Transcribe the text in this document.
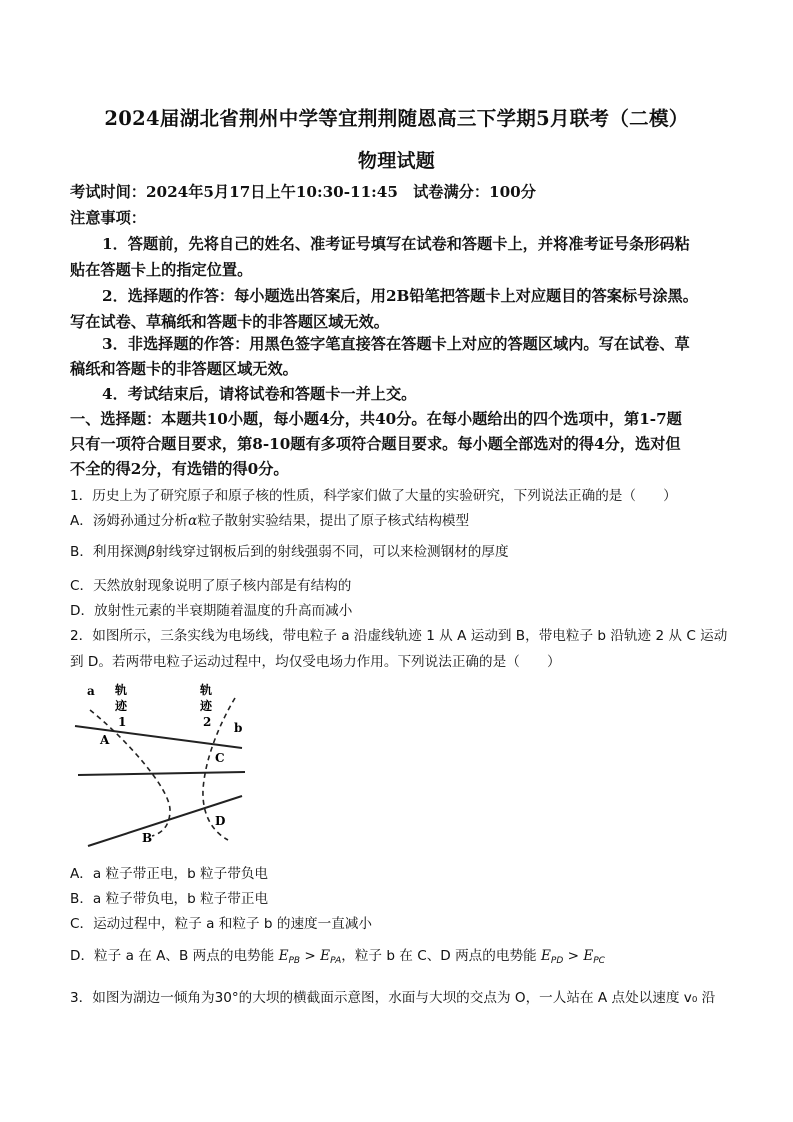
2024届湖北省荆州中学等宜荆荆随恩高三下学期5月联考（二模）
物理试题
考试时间：2024年5月17日上午10:30-11:45　试卷满分：100分
注意事项：
1．答题前，先将自己的姓名、准考证号填写在试卷和答题卡上，并将准考证号条形码粘
贴在答题卡上的指定位置。
2．选择题的作答：每小题选出答案后，用2B铅笔把答题卡上对应题目的答案标号涂黑。
写在试卷、草稿纸和答题卡的非答题区域无效。
3．非选择题的作答：用黑色签字笔直接答在答题卡上对应的答题区域内。写在试卷、草
稿纸和答题卡的非答题区域无效。
4．考试结束后，请将试卷和答题卡一并上交。
一、选择题：本题共10小题，每小题4分，共40分。在每小题给出的四个选项中，第1-7题
只有一项符合题目要求，第8-10题有多项符合题目要求。每小题全部选对的得4分，选对但
不全的得2分，有选错的得0分。
1．历史上为了研究原子和原子核的性质，科学家们做了大量的实验研究，下列说法正确的是（　　）
A．汤姆孙通过分析α粒子散射实验结果，提出了原子核式结构模型
B．利用探测β射线穿过钢板后到的射线强弱不同，可以来检测钢材的厚度
C．天然放射现象说明了原子核内部是有结构的
D．放射性元素的半衰期随着温度的升高而减小
2．如图所示，三条实线为电场线，带电粒子 a 沿虚线轨迹 1 从 A 运动到 B，带电粒子 b 沿轨迹 2 从 C 运动
到 D。若两带电粒子运动过程中，均仅受电场力作用。下列说法正确的是（　　）
a 轨
迹
1
轨
迹
2 b
A
C
B
D
A．a 粒子带正电，b 粒子带负电
B．a 粒子带负电，b 粒子带正电
C．运动过程中，粒子 a 和粒子 b 的速度一直减小
D．粒子 a 在 A、B 两点的电势能 $E_{PB} > E_{PA}$，粒子 b 在 C、D 两点的电势能 $E_{PD} > E_{PC}$
3．如图为湖边一倾角为30°的大坝的横截面示意图，水面与大坝的交点为 O，一人站在 A 点处以速度 v₀ 沿
